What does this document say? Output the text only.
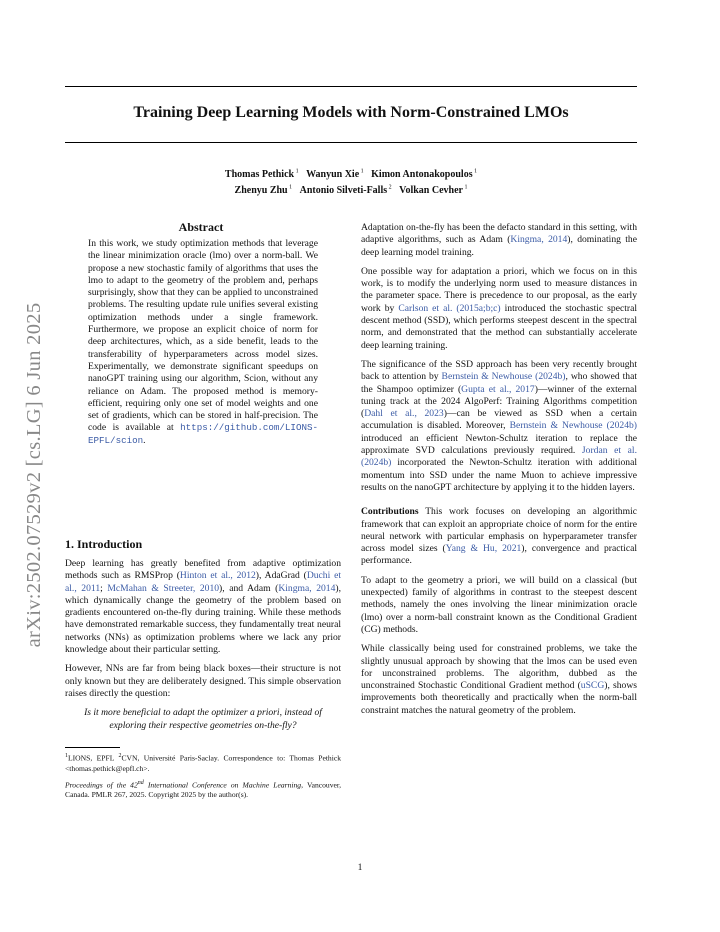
Training Deep Learning Models with Norm-Constrained LMOs
Thomas Pethick $^1$ Wanyun Xie $^1$ Kimon Antonakopoulos $^1$
Zhenyu Zhu $^1$ Antonio Silveti-Falls $^2$ Volkan Cevher $^1$
arXiv:2502.07529v2 [cs.LG] 6 Jun 2025
Abstract
In this work, we study optimization methods that leverage the linear minimization oracle (lmo) over a norm-ball. We propose a new stochastic family of algorithms that uses the lmo to adapt to the geometry of the problem and, perhaps surprisingly, show that they can be applied to unconstrained problems. The resulting update rule unifies several existing optimization methods under a single framework. Furthermore, we propose an explicit choice of norm for deep architectures, which, as a side benefit, leads to the transferability of hyperparameters across model sizes. Experimentally, we demonstrate significant speedups on nanoGPT training using our algorithm, Scion, without any reliance on Adam. The proposed method is memory-efficient, requiring only one set of model weights and one set of gradients, which can be stored in half-precision. The code is available at https://github.com/LIONS-EPFL/scion.
1. Introduction

Deep learning has greatly benefited from adaptive optimization methods such as RMSProp (Hinton et al., 2012), AdaGrad (Duchi et al., 2011; McMahan & Streeter, 2010), and Adam (Kingma, 2014), which dynamically change the geometry of the problem based on gradients encountered on-the-fly during training. While these methods have demonstrated remarkable success, they fundamentally treat neural networks (NNs) as optimization problems where we lack any prior knowledge about their particular setting.

However, NNs are far from being black boxes—their structure is not only known but they are deliberately designed. This simple observation raises directly the question:

Is it more beneficial to adapt the optimizer a priori, instead of exploring their respective geometries on-the-fly?

$^1$LIONS, EPFL $^2$CVN, Université Paris-Saclay. Correspondence to: Thomas Pethick <thomas.pethick@epfl.ch>.

Proceedings of the 42nd International Conference on Machine Learning, Vancouver, Canada. PMLR 267, 2025. Copyright 2025 by the author(s).

Adaptation on-the-fly has been the defacto standard in this setting, with adaptive algorithms, such as Adam (Kingma, 2014), dominating the deep learning model training.

One possible way for adaptation a priori, which we focus on in this work, is to modify the underlying norm used to measure distances in the parameter space. There is precedence to our proposal, as the early work by Carlson et al. (2015a;b;c) introduced the stochastic spectral descent method (SSD), which performs steepest descent in the spectral norm, and demonstrated that the method can substantially accelerate deep learning training.

The significance of the SSD approach has been very recently brought back to attention by Bernstein & Newhouse (2024b), who showed that the Shampoo optimizer (Gupta et al., 2017)—winner of the external tuning track at the 2024 AlgoPerf: Training Algorithms competition (Dahl et al., 2023)—can be viewed as SSD when a certain accumulation is disabled. Moreover, Bernstein & Newhouse (2024b) introduced an efficient Newton-Schultz iteration to replace the approximate SVD calculations previously required. Jordan et al. (2024b) incorporated the Newton-Schultz iteration with additional momentum into SSD under the name Muon to achieve impressive results on the nanoGPT architecture by applying it to the hidden layers.

Contributions This work focuses on developing an algorithmic framework that can exploit an appropriate choice of norm for the entire neural network with particular emphasis on hyperparameter transfer across model sizes (Yang & Hu, 2021), convergence and practical performance.

To adapt to the geometry a priori, we will build on a classical (but unexpected) family of algorithms in contrast to the steepest descent methods, namely the ones involving the linear minimization oracle (lmo) over a norm-ball constraint known as the Conditional Gradient (CG) methods.

While classically being used for constrained problems, we take the slightly unusual approach by showing that the lmos can be used even for unconstrained problems. The algorithm, dubbed as the unconstrained Stochastic Conditional Gradient method (uSCG), shows improvements both theoretically and practically when the norm-ball constraint matches the natural geometry of the problem.

1
